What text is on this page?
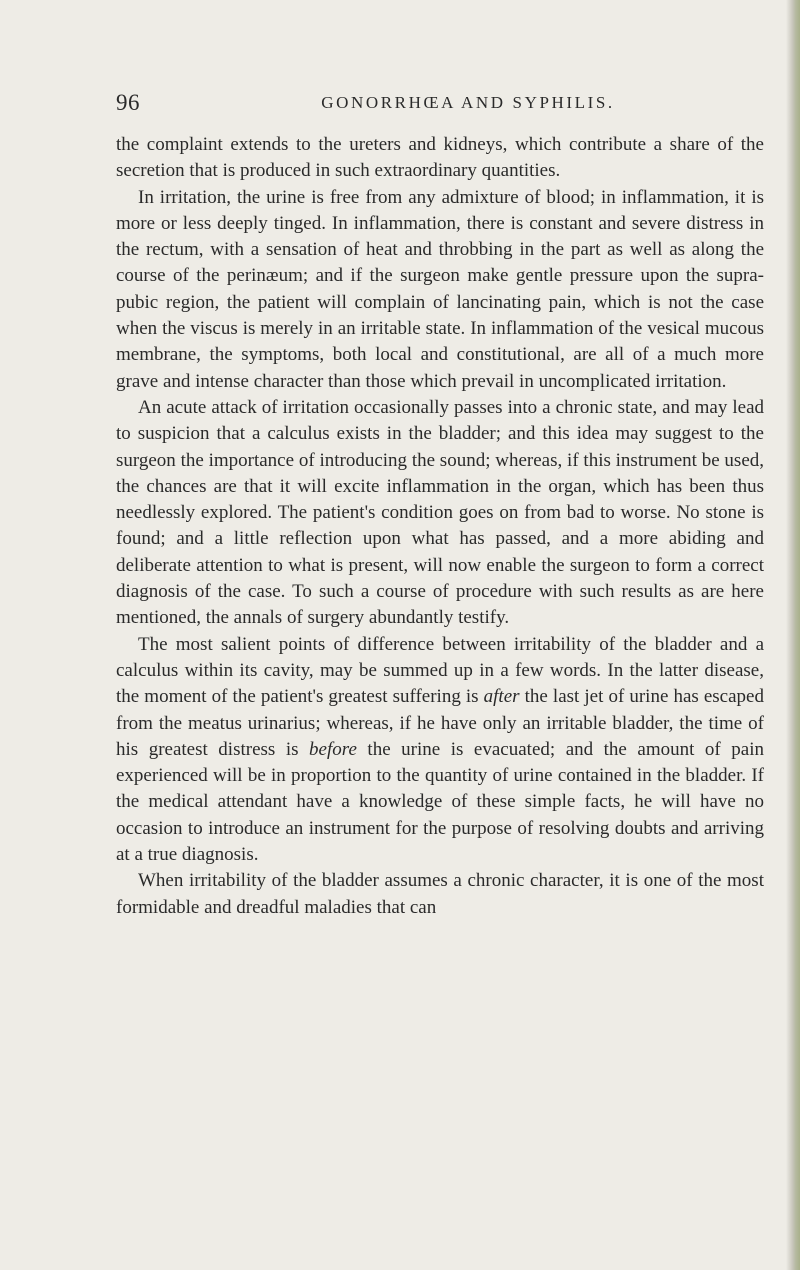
96	GONORRHŒA AND SYPHILIS.

the complaint extends to the ureters and kidneys, which contribute a share of the secretion that is produced in such extraordinary quantities.

In irritation, the urine is free from any admixture of blood; in inflammation, it is more or less deeply tinged. In inflammation, there is constant and severe distress in the rectum, with a sensation of heat and throbbing in the part as well as along the course of the perinæum; and if the surgeon make gentle pressure upon the supra-pubic region, the patient will complain of lancinating pain, which is not the case when the viscus is merely in an irritable state. In inflammation of the vesical mucous membrane, the symptoms, both local and constitutional, are all of a much more grave and intense character than those which prevail in uncomplicated irritation.

An acute attack of irritation occasionally passes into a chronic state, and may lead to suspicion that a calculus exists in the bladder; and this idea may suggest to the surgeon the importance of introducing the sound; whereas, if this instrument be used, the chances are that it will excite inflammation in the organ, which has been thus needlessly explored. The patient's condition goes on from bad to worse. No stone is found; and a little reflection upon what has passed, and a more abiding and deliberate attention to what is present, will now enable the surgeon to form a correct diagnosis of the case. To such a course of procedure with such results as are here mentioned, the annals of surgery abundantly testify.

The most salient points of difference between irritability of the bladder and a calculus within its cavity, may be summed up in a few words. In the latter disease, the moment of the patient's greatest suffering is after the last jet of urine has escaped from the meatus urinarius; whereas, if he have only an irritable bladder, the time of his greatest distress is before the urine is evacuated; and the amount of pain experienced will be in proportion to the quantity of urine contained in the bladder. If the medical attendant have a knowledge of these simple facts, he will have no occasion to introduce an instrument for the purpose of resolving doubts and arriving at a true diagnosis.

When irritability of the bladder assumes a chronic character, it is one of the most formidable and dreadful maladies that can
